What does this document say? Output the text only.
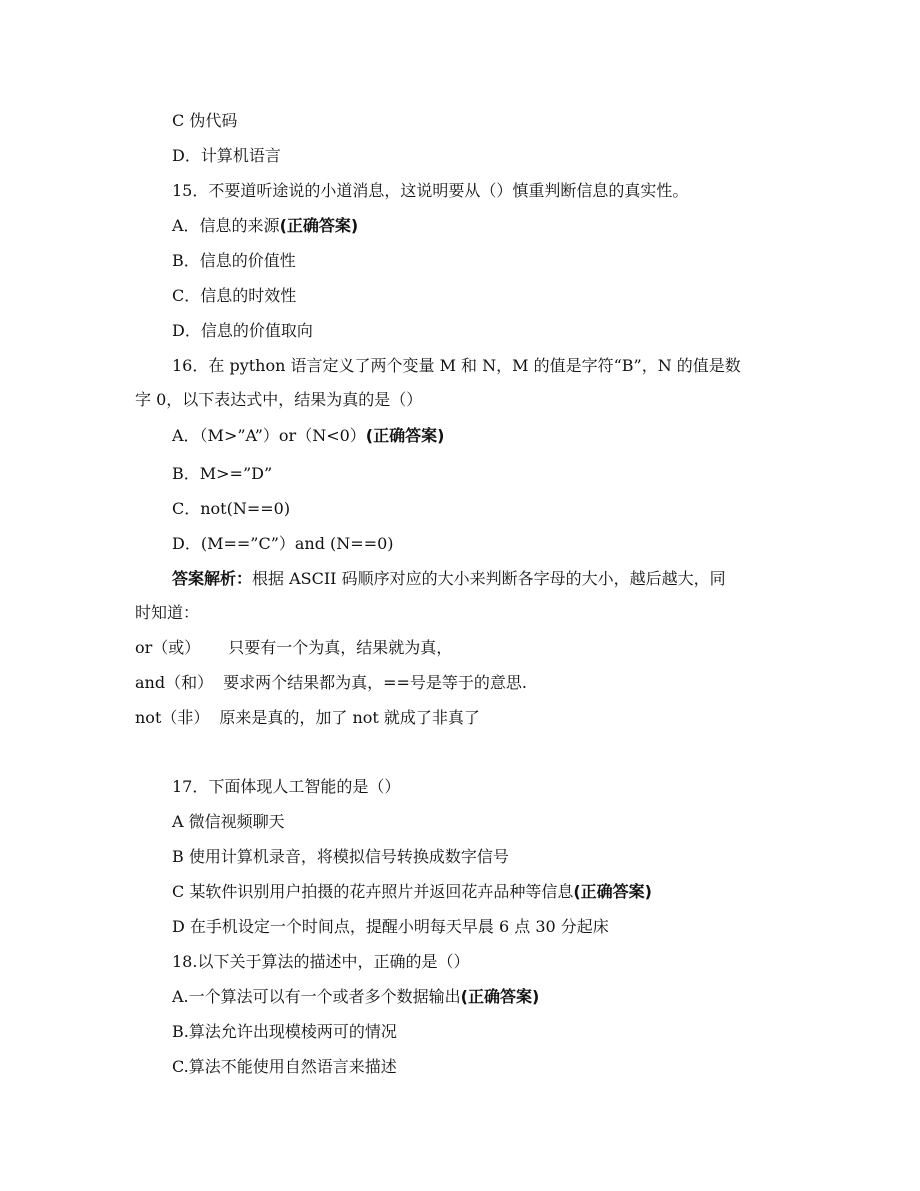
C 伪代码
D．计算机语言
15．不要道听途说的小道消息，这说明要从（）慎重判断信息的真实性。
A．信息的来源(正确答案)
B．信息的价值性
C．信息的时效性
D．信息的价值取向
16．在 python 语言定义了两个变量 M 和 N，M 的值是字符“B”，N 的值是数
字 0，以下表达式中，结果为真的是（）
A．（M>”A”）or（N<0）(正确答案)
B．M>=”D”
C．not(N==0)
D．(M==”C”）and (N==0)
答案解析：根据 ASCII 码顺序对应的大小来判断各字母的大小，越后越大，同
时知道：
or（或） 只要有一个为真，结果就为真，
and（和） 要求两个结果都为真，==号是等于的意思.
not（非） 原来是真的，加了 not 就成了非真了
17．下面体现人工智能的是（）
A 微信视频聊天
B 使用计算机录音，将模拟信号转换成数字信号
C 某软件识别用户拍摄的花卉照片并返回花卉品种等信息(正确答案)
D 在手机设定一个时间点，提醒小明每天早晨 6 点 30 分起床
18.以下关于算法的描述中，正确的是（）
A.一个算法可以有一个或者多个数据输出(正确答案)
B.算法允许出现模棱两可的情况
C.算法不能使用自然语言来描述
